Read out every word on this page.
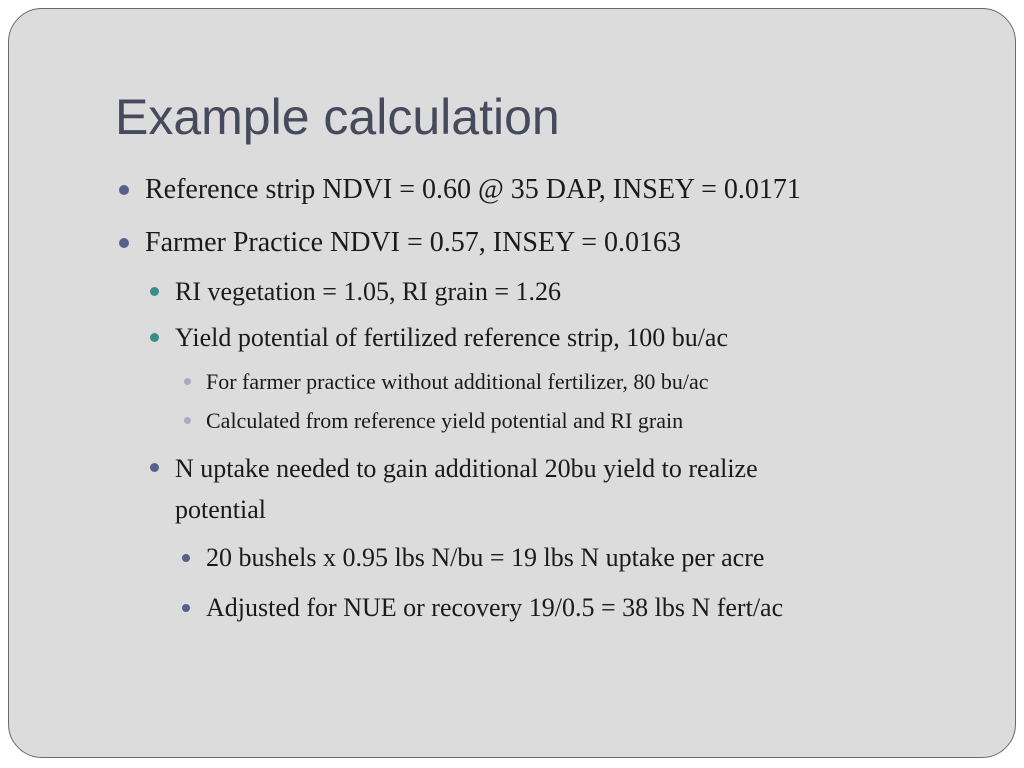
Example calculation
Reference strip NDVI = 0.60 @ 35 DAP, INSEY = 0.0171
Farmer Practice NDVI = 0.57, INSEY = 0.0163
RI vegetation = 1.05, RI grain = 1.26
Yield potential of fertilized reference strip, 100 bu/ac
For farmer practice without additional fertilizer, 80 bu/ac
Calculated from reference yield potential and RI grain
N uptake needed to gain additional 20bu yield to realize
potential
20 bushels x 0.95 lbs N/bu = 19 lbs N uptake per acre
Adjusted for NUE or recovery 19/0.5 = 38 lbs N fert/ac
